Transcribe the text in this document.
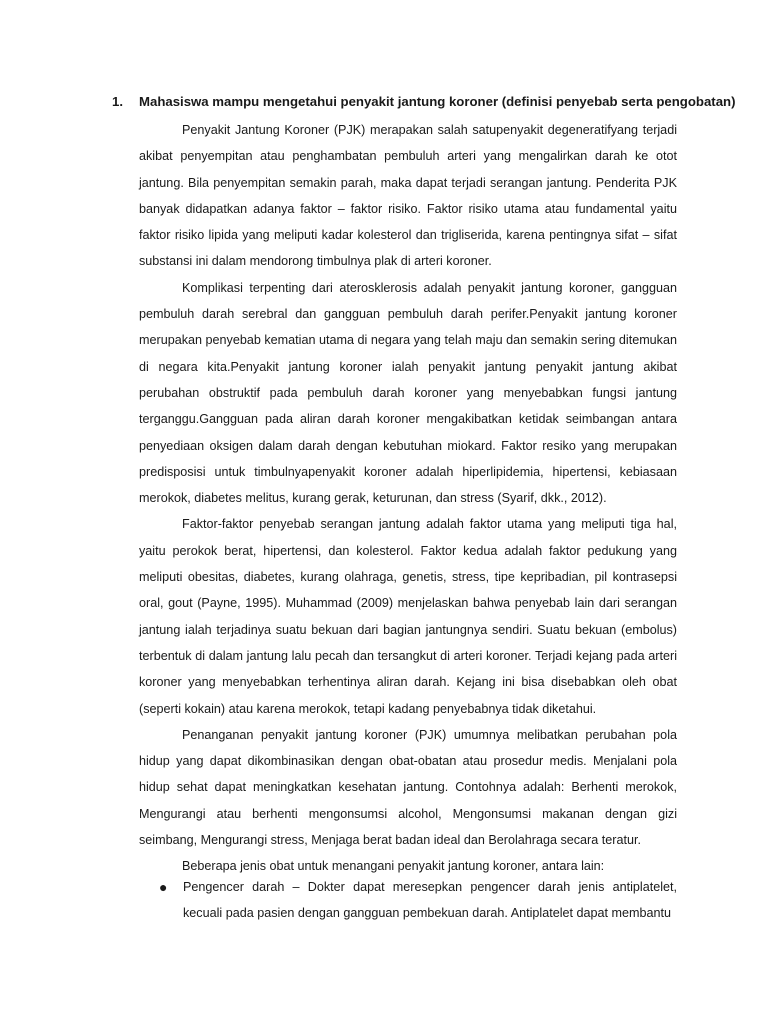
1. Mahasiswa mampu mengetahui penyakit jantung koroner (definisi penyebab serta pengobatan)

Penyakit Jantung Koroner (PJK) merapakan salah satupenyakit degeneratifyang terjadi akibat penyempitan atau penghambatan pembuluh arteri yang mengalirkan darah ke otot jantung. Bila penyempitan semakin parah, maka dapat terjadi serangan jantung. Penderita PJK banyak didapatkan adanya faktor – faktor risiko. Faktor risiko utama atau fundamental yaitu faktor risiko lipida yang meliputi kadar kolesterol dan trigliserida, karena pentingnya sifat – sifat substansi ini dalam mendorong timbulnya plak di arteri koroner.

Komplikasi terpenting dari aterosklerosis adalah penyakit jantung koroner, gangguan pembuluh darah serebral dan gangguan pembuluh darah perifer.Penyakit jantung koroner merupakan penyebab kematian utama di negara yang telah maju dan semakin sering ditemukan di negara kita.Penyakit jantung koroner ialah penyakit jantung penyakit jantung akibat perubahan obstruktif pada pembuluh darah koroner yang menyebabkan fungsi jantung terganggu.Gangguan pada aliran darah koroner mengakibatkan ketidak seimbangan antara penyediaan oksigen dalam darah dengan kebutuhan miokard. Faktor resiko yang merupakan predisposisi untuk timbulnyapenyakit koroner adalah hiperlipidemia, hipertensi, kebiasaan merokok, diabetes melitus, kurang gerak, keturunan, dan stress (Syarif, dkk., 2012).

Faktor-faktor penyebab serangan jantung adalah faktor utama yang meliputi tiga hal, yaitu perokok berat, hipertensi, dan kolesterol. Faktor kedua adalah faktor pedukung yang meliputi obesitas, diabetes, kurang olahraga, genetis, stress, tipe kepribadian, pil kontrasepsi oral, gout (Payne, 1995). Muhammad (2009) menjelaskan bahwa penyebab lain dari serangan jantung ialah terjadinya suatu bekuan dari bagian jantungnya sendiri. Suatu bekuan (embolus) terbentuk di dalam jantung lalu pecah dan tersangkut di arteri koroner. Terjadi kejang pada arteri koroner yang menyebabkan terhentinya aliran darah. Kejang ini bisa disebabkan oleh obat (seperti kokain) atau karena merokok, tetapi kadang penyebabnya tidak diketahui.

Penanganan penyakit jantung koroner (PJK) umumnya melibatkan perubahan pola hidup yang dapat dikombinasikan dengan obat-obatan atau prosedur medis. Menjalani pola hidup sehat dapat meningkatkan kesehatan jantung. Contohnya adalah: Berhenti merokok, Mengurangi atau berhenti mengonsumsi alcohol, Mengonsumsi makanan dengan gizi seimbang, Mengurangi stress, Menjaga berat badan ideal dan Berolahraga secara teratur.

Beberapa jenis obat untuk menangani penyakit jantung koroner, antara lain:

● Pengencer darah – Dokter dapat meresepkan pengencer darah jenis antiplatelet, kecuali pada pasien dengan gangguan pembekuan darah. Antiplatelet dapat membantu
